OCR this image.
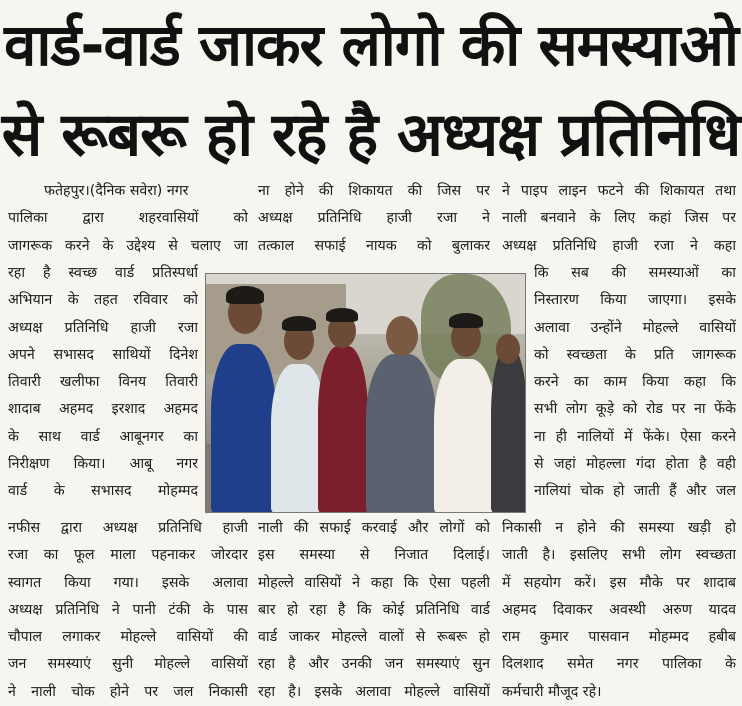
वार्ड-वार्ड जाकर लोगो की समस्याओ
से रूबरू हो रहे है अध्यक्ष प्रतिनिधि
फतेहपुर।(दैनिक सवेरा) नगर
पालिका द्वारा शहरवासियों को
जागरूक करने के उद्देश्य से चलाए जा
रहा है स्वच्छ वार्ड प्रतिस्पर्धा
अभियान के तहत रविवार को
अध्यक्ष प्रतिनिधि हाजी रजा
अपने सभासद साथियों दिनेश
तिवारी खलीफा विनय तिवारी
शादाब अहमद इरशाद अहमद
के साथ वार्ड आबूनगर का
निरीक्षण किया। आबू नगर
वार्ड के सभासद मोहम्मद
नफीस द्वारा अध्यक्ष प्रतिनिधि हाजी
रजा का फूल माला पहनाकर जोरदार
स्वागत किया गया। इसके अलावा
अध्यक्ष प्रतिनिधि ने पानी टंकी के पास
चौपाल लगाकर मोहल्ले वासियों की
जन समस्याएं सुनी मोहल्ले वासियों
ने नाली चोक होने पर जल निकासी
ना होने की शिकायत की जिस पर
अध्यक्ष प्रतिनिधि हाजी रजा ने
तत्काल सफाई नायक को बुलाकर
नाली की सफाई करवाई और लोगों को
इस समस्या से निजात दिलाई।
मोहल्ले वासियों ने कहा कि ऐसा पहली
बार हो रहा है कि कोई प्रतिनिधि वार्ड
वार्ड जाकर मोहल्ले वालों से रूबरू हो
रहा है और उनकी जन समस्याएं सुन
रहा है। इसके अलावा मोहल्ले वासियों
ने पाइप लाइन फटने की शिकायत तथा
नाली बनवाने के लिए कहां जिस पर
अध्यक्ष प्रतिनिधि हाजी रजा ने कहा
कि सब की समस्याओं का
निस्तारण किया जाएगा। इसके
अलावा उन्होंने मोहल्ले वासियों
को स्वच्छता के प्रति जागरूक
करने का काम किया कहा कि
सभी लोग कूड़े को रोड पर ना फेंके
ना ही नालियों में फेंके। ऐसा करने
से जहां मोहल्ला गंदा होता है वही
नालियां चोक हो जाती हैं और जल
निकासी न होने की समस्या खड़ी हो
जाती है। इसलिए सभी लोग स्वच्छता
में सहयोग करें। इस मौके पर शादाब
अहमद दिवाकर अवस्थी अरुण यादव
राम कुमार पासवान मोहम्मद हबीब
दिलशाद समेत नगर पालिका के
कर्मचारी मौजूद रहे।
